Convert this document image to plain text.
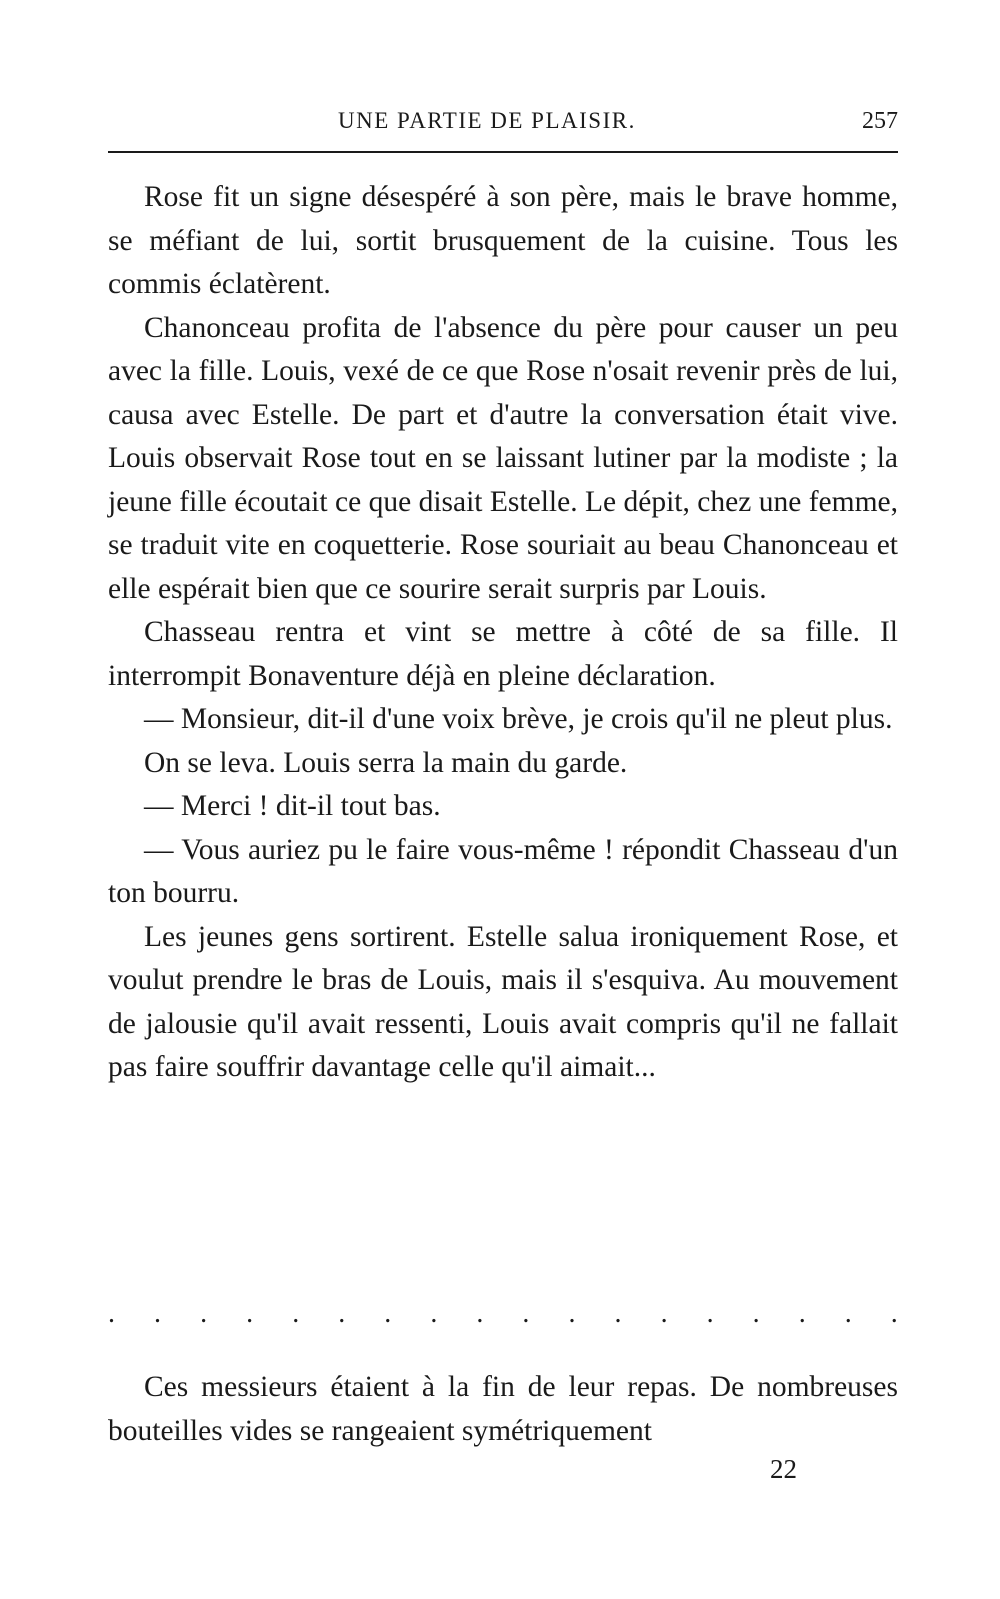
UNE PARTIE DE PLAISIR.	257

Rose fit un signe désespéré à son père, mais le brave homme, se méfiant de lui, sortit brusquement de la cuisine. Tous les commis éclatèrent.

Chanonceau profita de l'absence du père pour causer un peu avec la fille. Louis, vexé de ce que Rose n'osait revenir près de lui, causa avec Estelle. De part et d'autre la conversation était vive. Louis observait Rose tout en se laissant lutiner par la modiste ; la jeune fille écoutait ce que disait Estelle. Le dépit, chez une femme, se traduit vite en coquetterie. Rose souriait au beau Chanonceau et elle espérait bien que ce sourire serait surpris par Louis.

Chasseau rentra et vint se mettre à côté de sa fille. Il interrompit Bonaventure déjà en pleine déclaration.

— Monsieur, dit-il d'une voix brève, je crois qu'il ne pleut plus.

On se leva. Louis serra la main du garde.

— Merci ! dit-il tout bas.

— Vous auriez pu le faire vous-même ! répondit Chasseau d'un ton bourru.

Les jeunes gens sortirent. Estelle salua ironiquement Rose, et voulut prendre le bras de Louis, mais il s'esquiva. Au mouvement de jalousie qu'il avait ressenti, Louis avait compris qu'il ne fallait pas faire souffrir davantage celle qu'il aimait...

. . . . . . . . . . . . . . . . . .

Ces messieurs étaient à la fin de leur repas. De nombreuses bouteilles vides se rangeaient symétriquement

22
